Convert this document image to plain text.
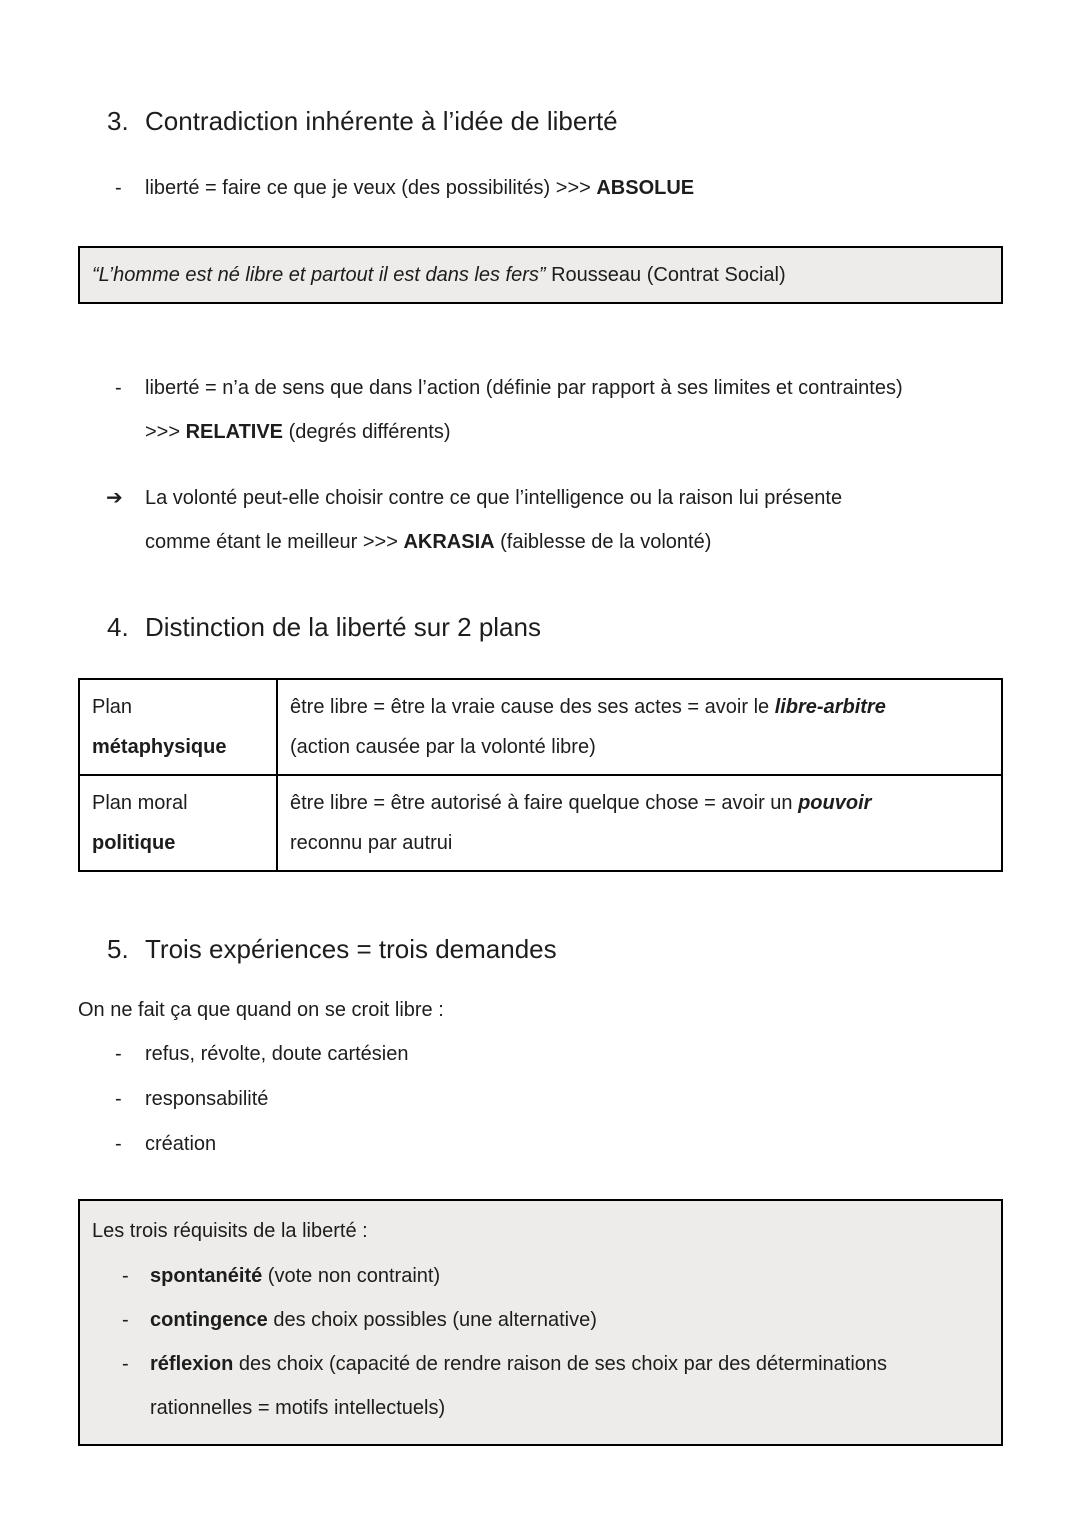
3. Contradiction inhérente à l’idée de liberté
-	liberté = faire ce que je veux (des possibilités) >>> ABSOLUE
“L’homme est né libre et partout il est dans les fers” Rousseau (Contrat Social)
-	liberté = n’a de sens que dans l’action (définie par rapport à ses limites et contraintes)
>>> RELATIVE (degrés différents)
➔	La volonté peut-elle choisir contre ce que l’intelligence ou la raison lui présente
comme étant le meilleur >>> AKRASIA (faiblesse de la volonté)
4. Distinction de la liberté sur 2 plans
Plan
métaphysique	être libre = être la vraie cause des ses actes = avoir le libre-arbitre
(action causée par la volonté libre)
Plan moral
politique	être libre = être autorisé à faire quelque chose = avoir un pouvoir
reconnu par autrui
5. Trois expériences = trois demandes
On ne fait ça que quand on se croit libre :
-	refus, révolte, doute cartésien
-	responsabilité
-	création
Les trois réquisits de la liberté :
-	spontanéité (vote non contraint)
-	contingence des choix possibles (une alternative)
-	réflexion des choix (capacité de rendre raison de ses choix par des déterminations
rationnelles = motifs intellectuels)
